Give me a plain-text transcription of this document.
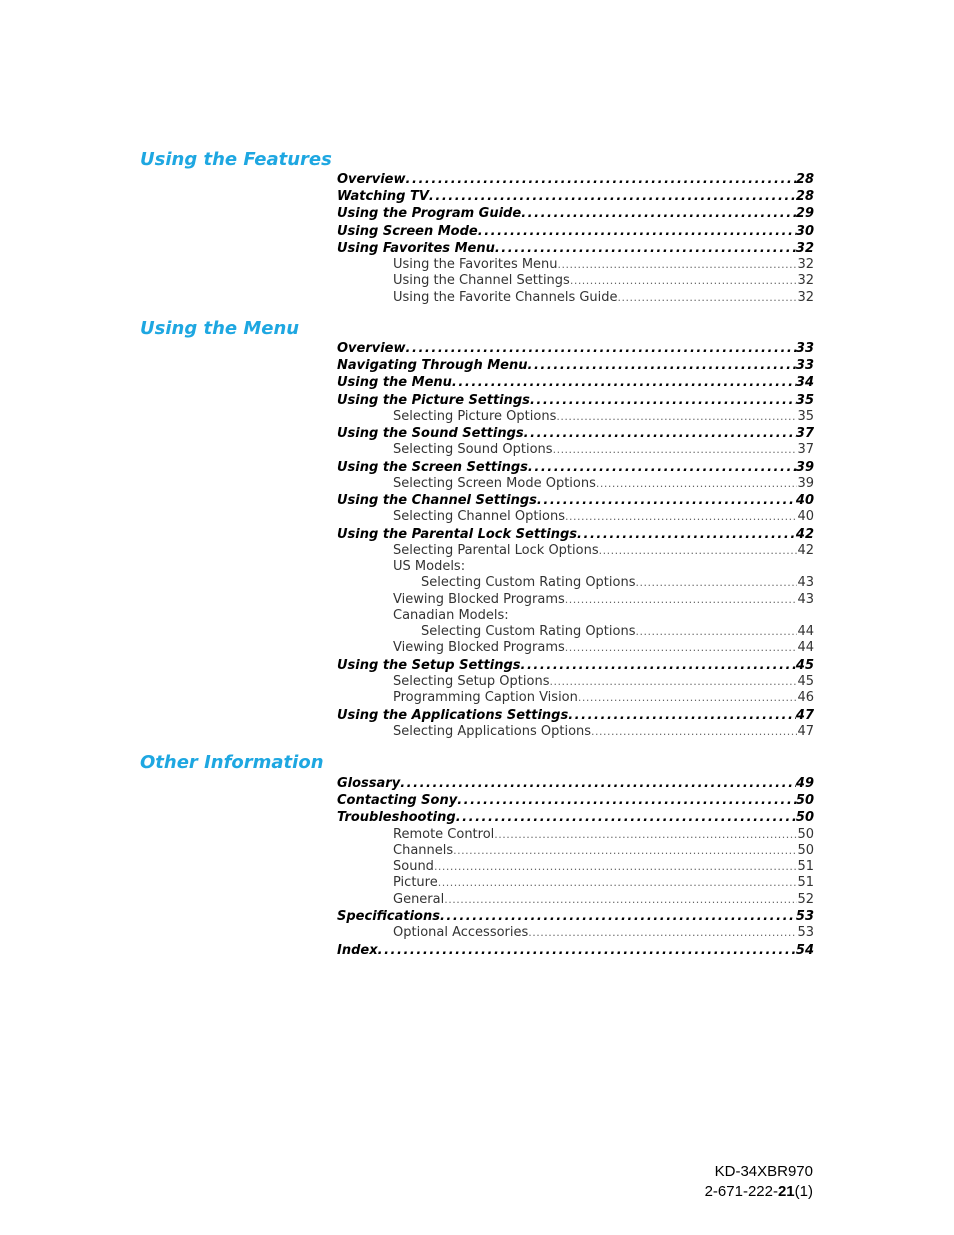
Using the Features
Overview . . .	28
Watching TV . . .	28
Using the Program Guide . . .	29
Using Screen Mode . . .	30
Using Favorites Menu . . .	32
Using the Favorites Menu . . .	32
Using the Channel Settings . . .	32
Using the Favorite Channels Guide . . .	32
Using the Menu
Overview . . .	33
Navigating Through Menu . . .	33
Using the Menu . . .	34
Using the Picture Settings . . .	35
Selecting Picture Options . . .	35
Using the Sound Settings . . .	37
Selecting Sound Options . . .	37
Using the Screen Settings . . .	39
Selecting Screen Mode Options . . .	39
Using the Channel Settings . . .	40
Selecting Channel Options . . .	40
Using the Parental Lock Settings . . .	42
Selecting Parental Lock Options . . .	42
US Models:
Selecting Custom Rating Options . . .	43
Viewing Blocked Programs . . .	43
Canadian Models:
Selecting Custom Rating Options . . .	44
Viewing Blocked Programs . . .	44
Using the Setup Settings . . .	45
Selecting Setup Options . . .	45
Programming Caption Vision . . .	46
Using the Applications Settings . . .	47
Selecting Applications Options . . .	47
Other Information
Glossary . . .	49
Contacting Sony . . .	50
Troubleshooting . . .	50
Remote Control . . .	50
Channels . . .	50
Sound . . .	51
Picture . . .	51
General . . .	52
Specifications . . .	53
Optional Accessories . . .	53
Index . . .	54
KD-34XBR970
2-671-222-21(1)
